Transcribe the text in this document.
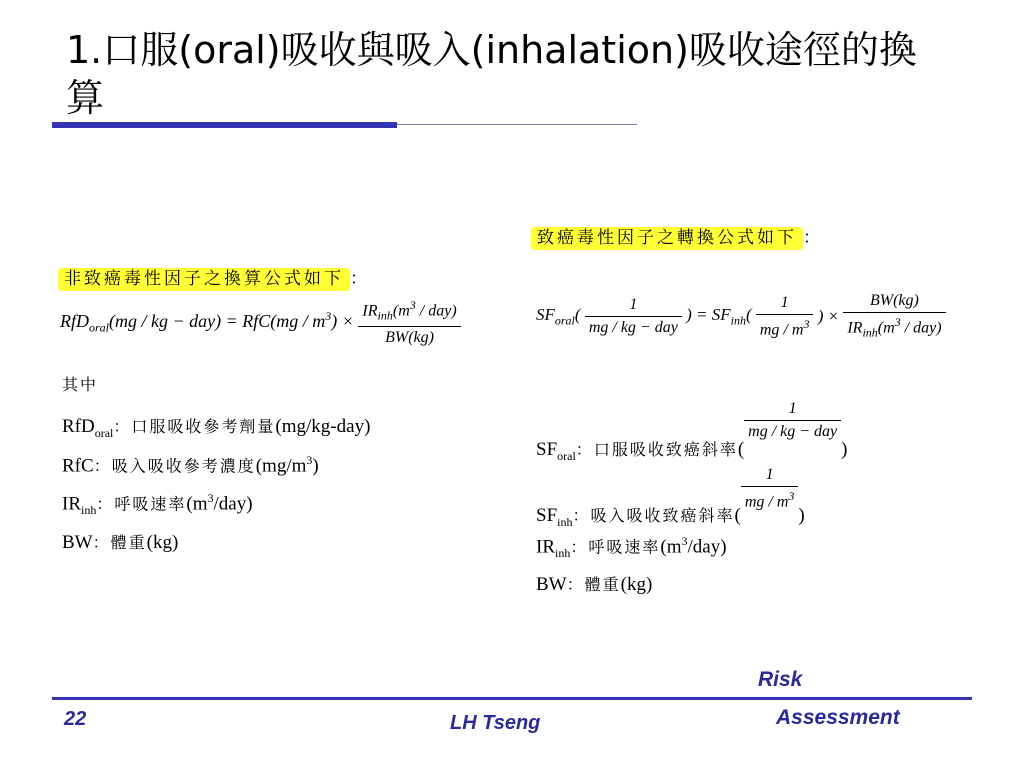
1.口服(oral)吸收與吸入(inhalation)吸收途徑的換算
非致癌毒性因子之換算公式如下 ：
RfD$_{oral}$(mg / kg − $day) = RfC(mg / m^3) \times \frac{IR_{inh}(m^3 / day)}{BW(kg)}$
其中
RfD$_{oral}$：口服吸收參考劑量(mg/kg-day)
RfC：吸入吸收參考濃度$(mg/m^3)$
$IR_{inh}$：呼吸速率$(m^3/day)$
BW：體重(kg)
致癌毒性因子之轉換公式如下 ：
$SF_{oral}( \frac{1}{\text{mg / kg − day}}$ ) = $SF_{inh}( \frac{1}{mg / m^3}$ ) × $\frac{BW(kg)}{IR_{inh}(m^3 / day)}$
$SF_{oral}$：口服吸收致癌斜率(
$\frac{1}{\text{mg / kg − day}}$
)
$SF_{inh}$：吸入吸收致癌斜率(
$\frac{1}{mg / m^3}$
)
$IR_{inh}$：呼吸速率$(m^3/day)$
BW：體重(kg)
22	LH Tseng
Risk
Assessment
